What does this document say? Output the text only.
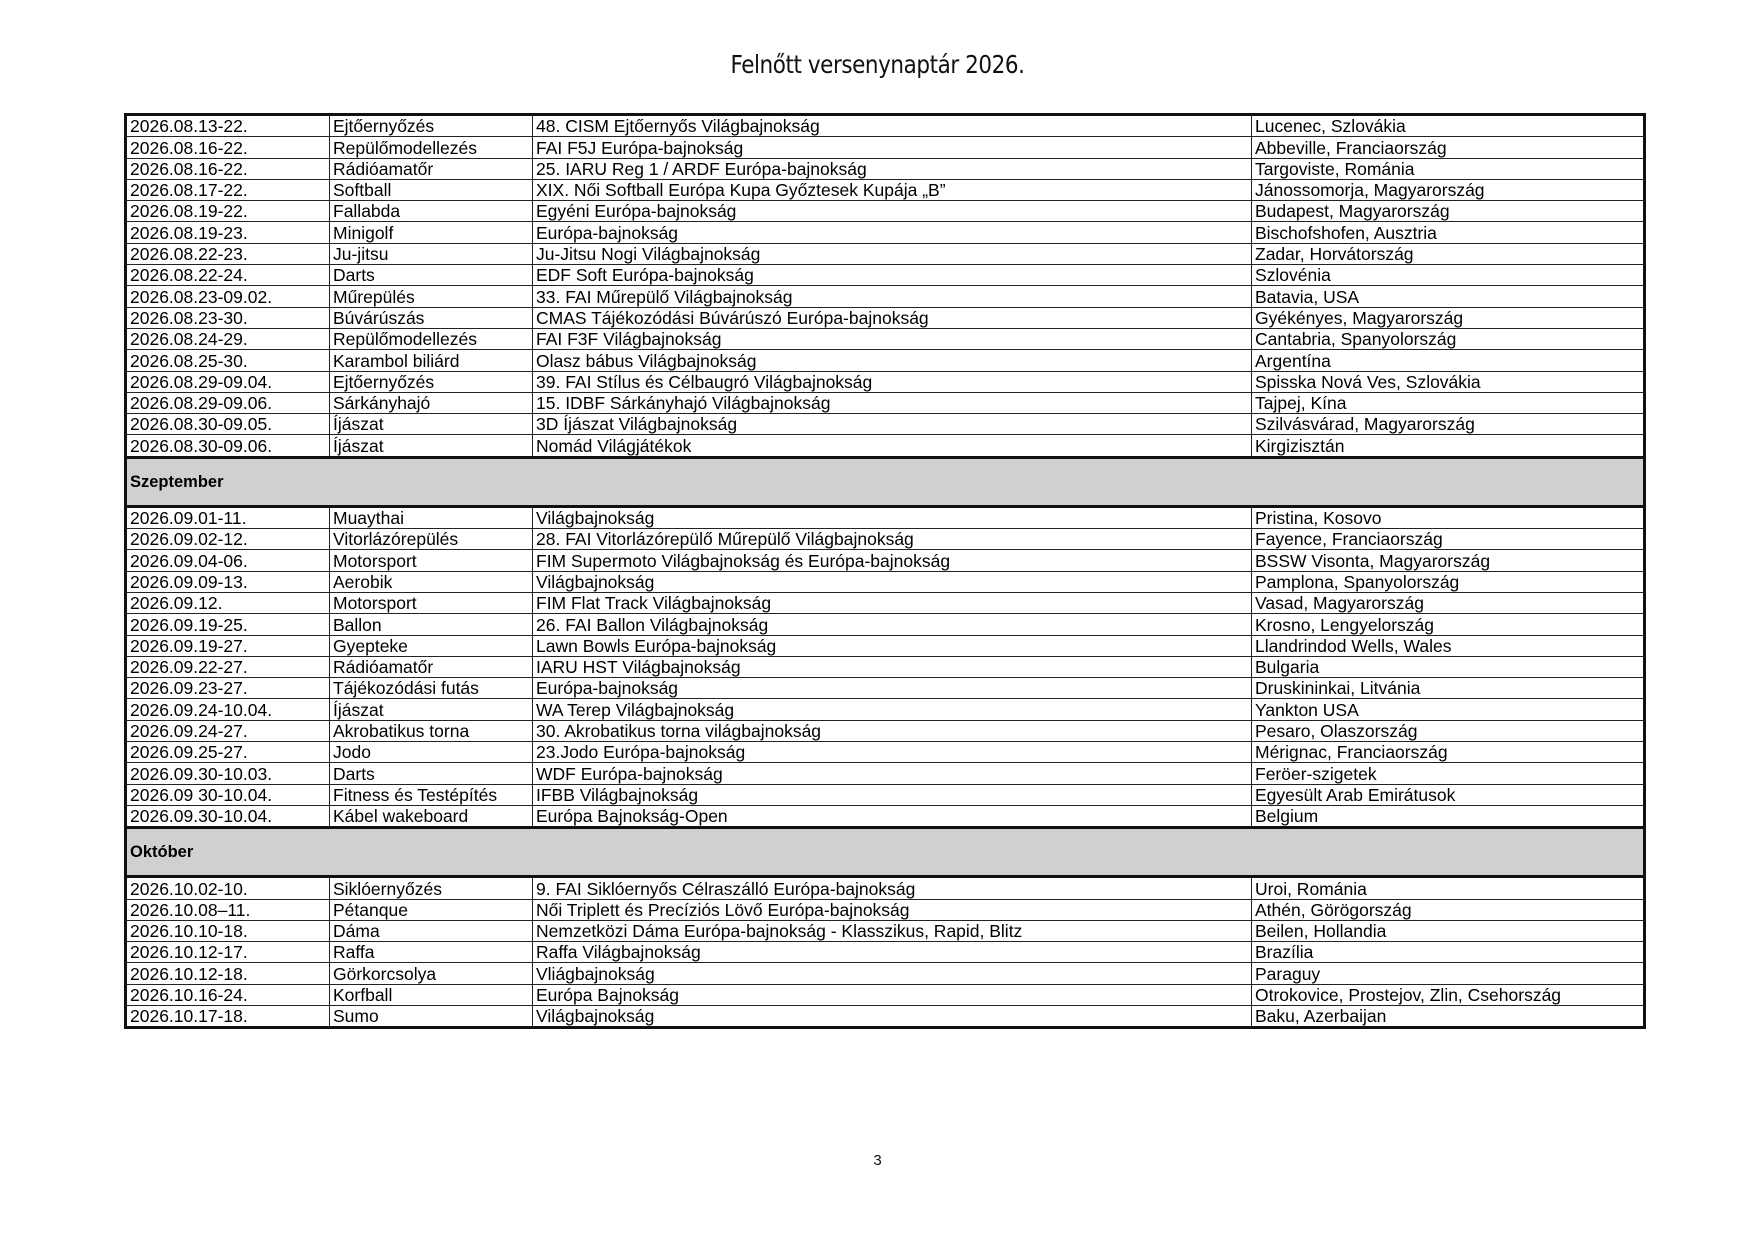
Felnőtt versenynaptár 2026.
2026.08.13-22.	Ejtőernyőzés	48. CISM Ejtőernyős Világbajnokság	Lucenec, Szlovákia
2026.08.16-22.	Repülőmodellezés	FAI F5J Európa-bajnokság	Abbeville, Franciaország
2026.08.16-22.	Rádióamatőr	25. IARU Reg 1 / ARDF Európa-bajnokság	Targoviste, Románia
2026.08.17-22.	Softball	XIX. Női Softball Európa Kupa Győztesek Kupája „B”	Jánossomorja, Magyarország
2026.08.19-22.	Fallabda	Egyéni Európa-bajnokság	Budapest, Magyarország
2026.08.19-23.	Minigolf	Európa-bajnokság	Bischofshofen, Ausztria
2026.08.22-23.	Ju-jitsu	Ju-Jitsu Nogi Világbajnokság	Zadar, Horvátország
2026.08.22-24.	Darts	EDF Soft Európa-bajnokság	Szlovénia
2026.08.23-09.02.	Műrepülés	33. FAI Műrepülő Világbajnokság	Batavia, USA
2026.08.23-30.	Búvárúszás	CMAS Tájékozódási Búvárúszó Európa-bajnokság	Gyékényes, Magyarország
2026.08.24-29.	Repülőmodellezés	FAI F3F Világbajnokság	Cantabria, Spanyolország
2026.08.25-30.	Karambol biliárd	Olasz bábus Világbajnokság	Argentína
2026.08.29-09.04.	Ejtőernyőzés	39. FAI Stílus és Célbaugró Világbajnokság	Spisska Nová Ves, Szlovákia
2026.08.29-09.06.	Sárkányhajó	15. IDBF Sárkányhajó Világbajnokság	Tajpej, Kína
2026.08.30-09.05.	Íjászat	3D Íjászat Világbajnokság	Szilvásvárad, Magyarország
2026.08.30-09.06.	Íjászat	Nomád Világjátékok	Kirgizisztán
Szeptember			
2026.09.01-11.	Muaythai	Világbajnokság	Pristina, Kosovo
2026.09.02-12.	Vitorlázórepülés	28. FAI Vitorlázórepülő Műrepülő Világbajnokság	Fayence, Franciaország
2026.09.04-06.	Motorsport	FIM Supermoto Világbajnokság és Európa-bajnokság	BSSW Visonta, Magyarország
2026.09.09-13.	Aerobik	Világbajnokság	Pamplona, Spanyolország
2026.09.12.	Motorsport	FIM Flat Track Világbajnokság	Vasad, Magyarország
2026.09.19-25.	Ballon	26. FAI Ballon Világbajnokság	Krosno, Lengyelország
2026.09.19-27.	Gyepteke	Lawn Bowls Európa-bajnokság	Llandrindod Wells, Wales
2026.09.22-27.	Rádióamatőr	IARU HST Világbajnokság	Bulgaria
2026.09.23-27.	Tájékozódási futás	Európa-bajnokság	Druskininkai, Litvánia
2026.09.24-10.04.	Íjászat	WA Terep Világbajnokság	Yankton USA
2026.09.24-27.	Akrobatikus torna	30. Akrobatikus torna világbajnokság	Pesaro, Olaszország
2026.09.25-27.	Jodo	23.Jodo Európa-bajnokság	Mérignac, Franciaország
2026.09.30-10.03.	Darts	WDF Európa-bajnokság	Feröer-szigetek
2026.09 30-10.04.	Fitness és Testépítés	IFBB Világbajnokság	Egyesült Arab Emirátusok
2026.09.30-10.04.	Kábel wakeboard	Európa Bajnokság-Open	Belgium
Október			
2026.10.02-10.	Siklóernyőzés	9. FAI Siklóernyős Célraszálló Európa-bajnokság	Uroi, Románia
2026.10.08–11.	Pétanque	Női Triplett és Precíziós Lövő Európa-bajnokság	Athén, Görögország
2026.10.10-18.	Dáma	Nemzetközi Dáma Európa-bajnokság - Klasszikus, Rapid, Blitz	Beilen, Hollandia
2026.10.12-17.	Raffa	Raffa Világbajnokság	Brazília
2026.10.12-18.	Görkorcsolya	Vliágbajnokság	Paraguy
2026.10.16-24.	Korfball	Európa Bajnokság	Otrokovice, Prostejov, Zlin, Csehország
2026.10.17-18.	Sumo	Világbajnokság	Baku, Azerbaijan
3
